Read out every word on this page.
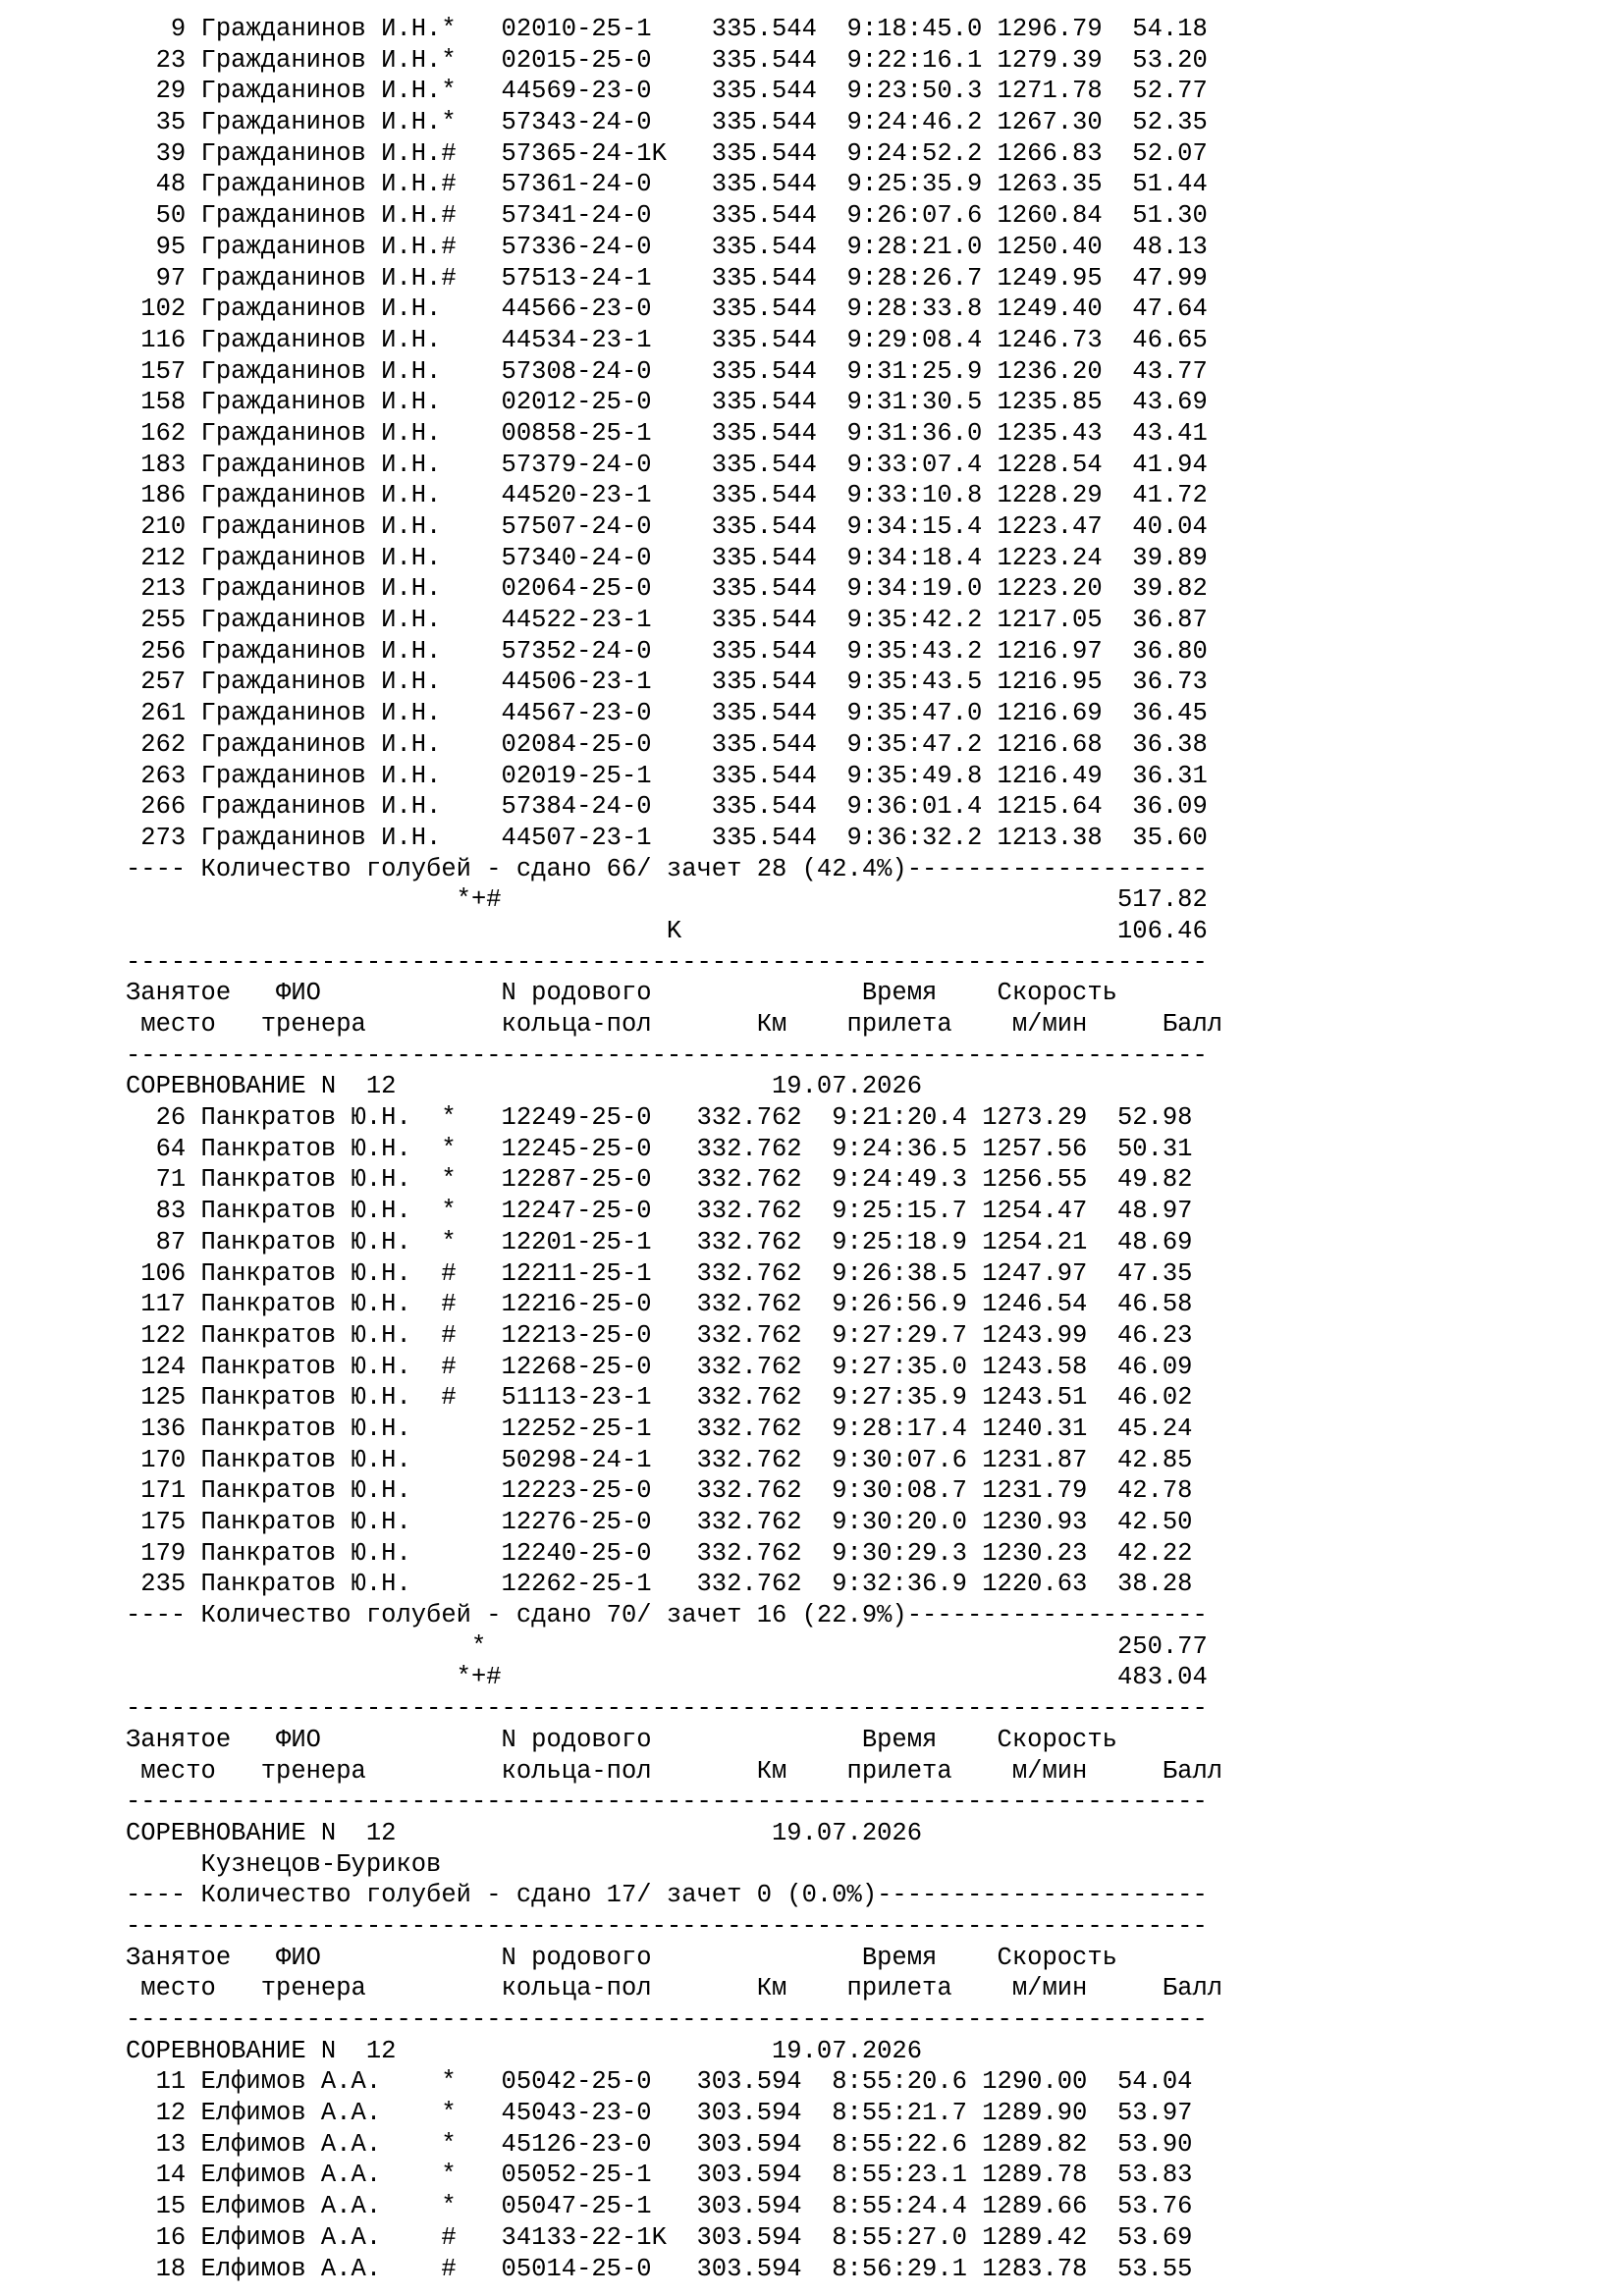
9 Гражданинов И.Н.*   02010-25-1    335.544  9:18:45.0 1296.79  54.18
23 Гражданинов И.Н.*   02015-25-0    335.544  9:22:16.1 1279.39  53.20
29 Гражданинов И.Н.*   44569-23-0    335.544  9:23:50.3 1271.78  52.77
35 Гражданинов И.Н.*   57343-24-0    335.544  9:24:46.2 1267.30  52.35
39 Гражданинов И.Н.#   57365-24-1K   335.544  9:24:52.2 1266.83  52.07
48 Гражданинов И.Н.#   57361-24-0    335.544  9:25:35.9 1263.35  51.44
50 Гражданинов И.Н.#   57341-24-0    335.544  9:26:07.6 1260.84  51.30
95 Гражданинов И.Н.#   57336-24-0    335.544  9:28:21.0 1250.40  48.13
97 Гражданинов И.Н.#   57513-24-1    335.544  9:28:26.7 1249.95  47.99
102 Гражданинов И.Н.    44566-23-0    335.544  9:28:33.8 1249.40  47.64
116 Гражданинов И.Н.    44534-23-1    335.544  9:29:08.4 1246.73  46.65
157 Гражданинов И.Н.    57308-24-0    335.544  9:31:25.9 1236.20  43.77
158 Гражданинов И.Н.    02012-25-0    335.544  9:31:30.5 1235.85  43.69
162 Гражданинов И.Н.    00858-25-1    335.544  9:31:36.0 1235.43  43.41
183 Гражданинов И.Н.    57379-24-0    335.544  9:33:07.4 1228.54  41.94
186 Гражданинов И.Н.    44520-23-1    335.544  9:33:10.8 1228.29  41.72
210 Гражданинов И.Н.    57507-24-0    335.544  9:34:15.4 1223.47  40.04
212 Гражданинов И.Н.    57340-24-0    335.544  9:34:18.4 1223.24  39.89
213 Гражданинов И.Н.    02064-25-0    335.544  9:34:19.0 1223.20  39.82
255 Гражданинов И.Н.    44522-23-1    335.544  9:35:42.2 1217.05  36.87
256 Гражданинов И.Н.    57352-24-0    335.544  9:35:43.2 1216.97  36.80
257 Гражданинов И.Н.    44506-23-1    335.544  9:35:43.5 1216.95  36.73
261 Гражданинов И.Н.    44567-23-0    335.544  9:35:47.0 1216.69  36.45
262 Гражданинов И.Н.    02084-25-0    335.544  9:35:47.2 1216.68  36.38
263 Гражданинов И.Н.    02019-25-1    335.544  9:35:49.8 1216.49  36.31
266 Гражданинов И.Н.    57384-24-0    335.544  9:36:01.4 1215.64  36.09
273 Гражданинов И.Н.    44507-23-1    335.544  9:36:32.2 1213.38  35.60
---- Количество голубей - сдано 66/ зачет 28 (42.4%)--------------------
*+#                                         517.82
K                             106.46
------------------------------------------------------------------------
Занятое   ФИО            N родового              Время    Скорость
место   тренера         кольца-пол       Км    прилета    м/мин     Балл
------------------------------------------------------------------------
СОРЕВНОВАНИЕ N  12                         19.07.2026
26 Панкратов Ю.Н.  *   12249-25-0   332.762  9:21:20.4 1273.29  52.98
64 Панкратов Ю.Н.  *   12245-25-0   332.762  9:24:36.5 1257.56  50.31
71 Панкратов Ю.Н.  *   12287-25-0   332.762  9:24:49.3 1256.55  49.82
83 Панкратов Ю.Н.  *   12247-25-0   332.762  9:25:15.7 1254.47  48.97
87 Панкратов Ю.Н.  *   12201-25-1   332.762  9:25:18.9 1254.21  48.69
106 Панкратов Ю.Н.  #   12211-25-1   332.762  9:26:38.5 1247.97  47.35
117 Панкратов Ю.Н.  #   12216-25-0   332.762  9:26:56.9 1246.54  46.58
122 Панкратов Ю.Н.  #   12213-25-0   332.762  9:27:29.7 1243.99  46.23
124 Панкратов Ю.Н.  #   12268-25-0   332.762  9:27:35.0 1243.58  46.09
125 Панкратов Ю.Н.  #   51113-23-1   332.762  9:27:35.9 1243.51  46.02
136 Панкратов Ю.Н.      12252-25-1   332.762  9:28:17.4 1240.31  45.24
170 Панкратов Ю.Н.      50298-24-1   332.762  9:30:07.6 1231.87  42.85
171 Панкратов Ю.Н.      12223-25-0   332.762  9:30:08.7 1231.79  42.78
175 Панкратов Ю.Н.      12276-25-0   332.762  9:30:20.0 1230.93  42.50
179 Панкратов Ю.Н.      12240-25-0   332.762  9:30:29.3 1230.23  42.22
235 Панкратов Ю.Н.      12262-25-1   332.762  9:32:36.9 1220.63  38.28
---- Количество голубей - сдано 70/ зачет 16 (22.9%)--------------------
*                                          250.77
*+#                                         483.04
------------------------------------------------------------------------
Занятое   ФИО            N родового              Время    Скорость
место   тренера         кольца-пол       Км    прилета    м/мин     Балл
------------------------------------------------------------------------
СОРЕВНОВАНИЕ N  12                         19.07.2026
Кузнецов-Буриков
---- Количество голубей - сдано 17/ зачет 0 (0.0%)----------------------
------------------------------------------------------------------------
Занятое   ФИО            N родового              Время    Скорость
место   тренера         кольца-пол       Км    прилета    м/мин     Балл
------------------------------------------------------------------------
СОРЕВНОВАНИЕ N  12                         19.07.2026
11 Елфимов А.А.    *   05042-25-0   303.594  8:55:20.6 1290.00  54.04
12 Елфимов А.А.    *   45043-23-0   303.594  8:55:21.7 1289.90  53.97
13 Елфимов А.А.    *   45126-23-0   303.594  8:55:22.6 1289.82  53.90
14 Елфимов А.А.    *   05052-25-1   303.594  8:55:23.1 1289.78  53.83
15 Елфимов А.А.    *   05047-25-1   303.594  8:55:24.4 1289.66  53.76
16 Елфимов А.А.    #   34133-22-1K  303.594  8:55:27.0 1289.42  53.69
18 Елфимов А.А.    #   05014-25-0   303.594  8:56:29.1 1283.78  53.55
